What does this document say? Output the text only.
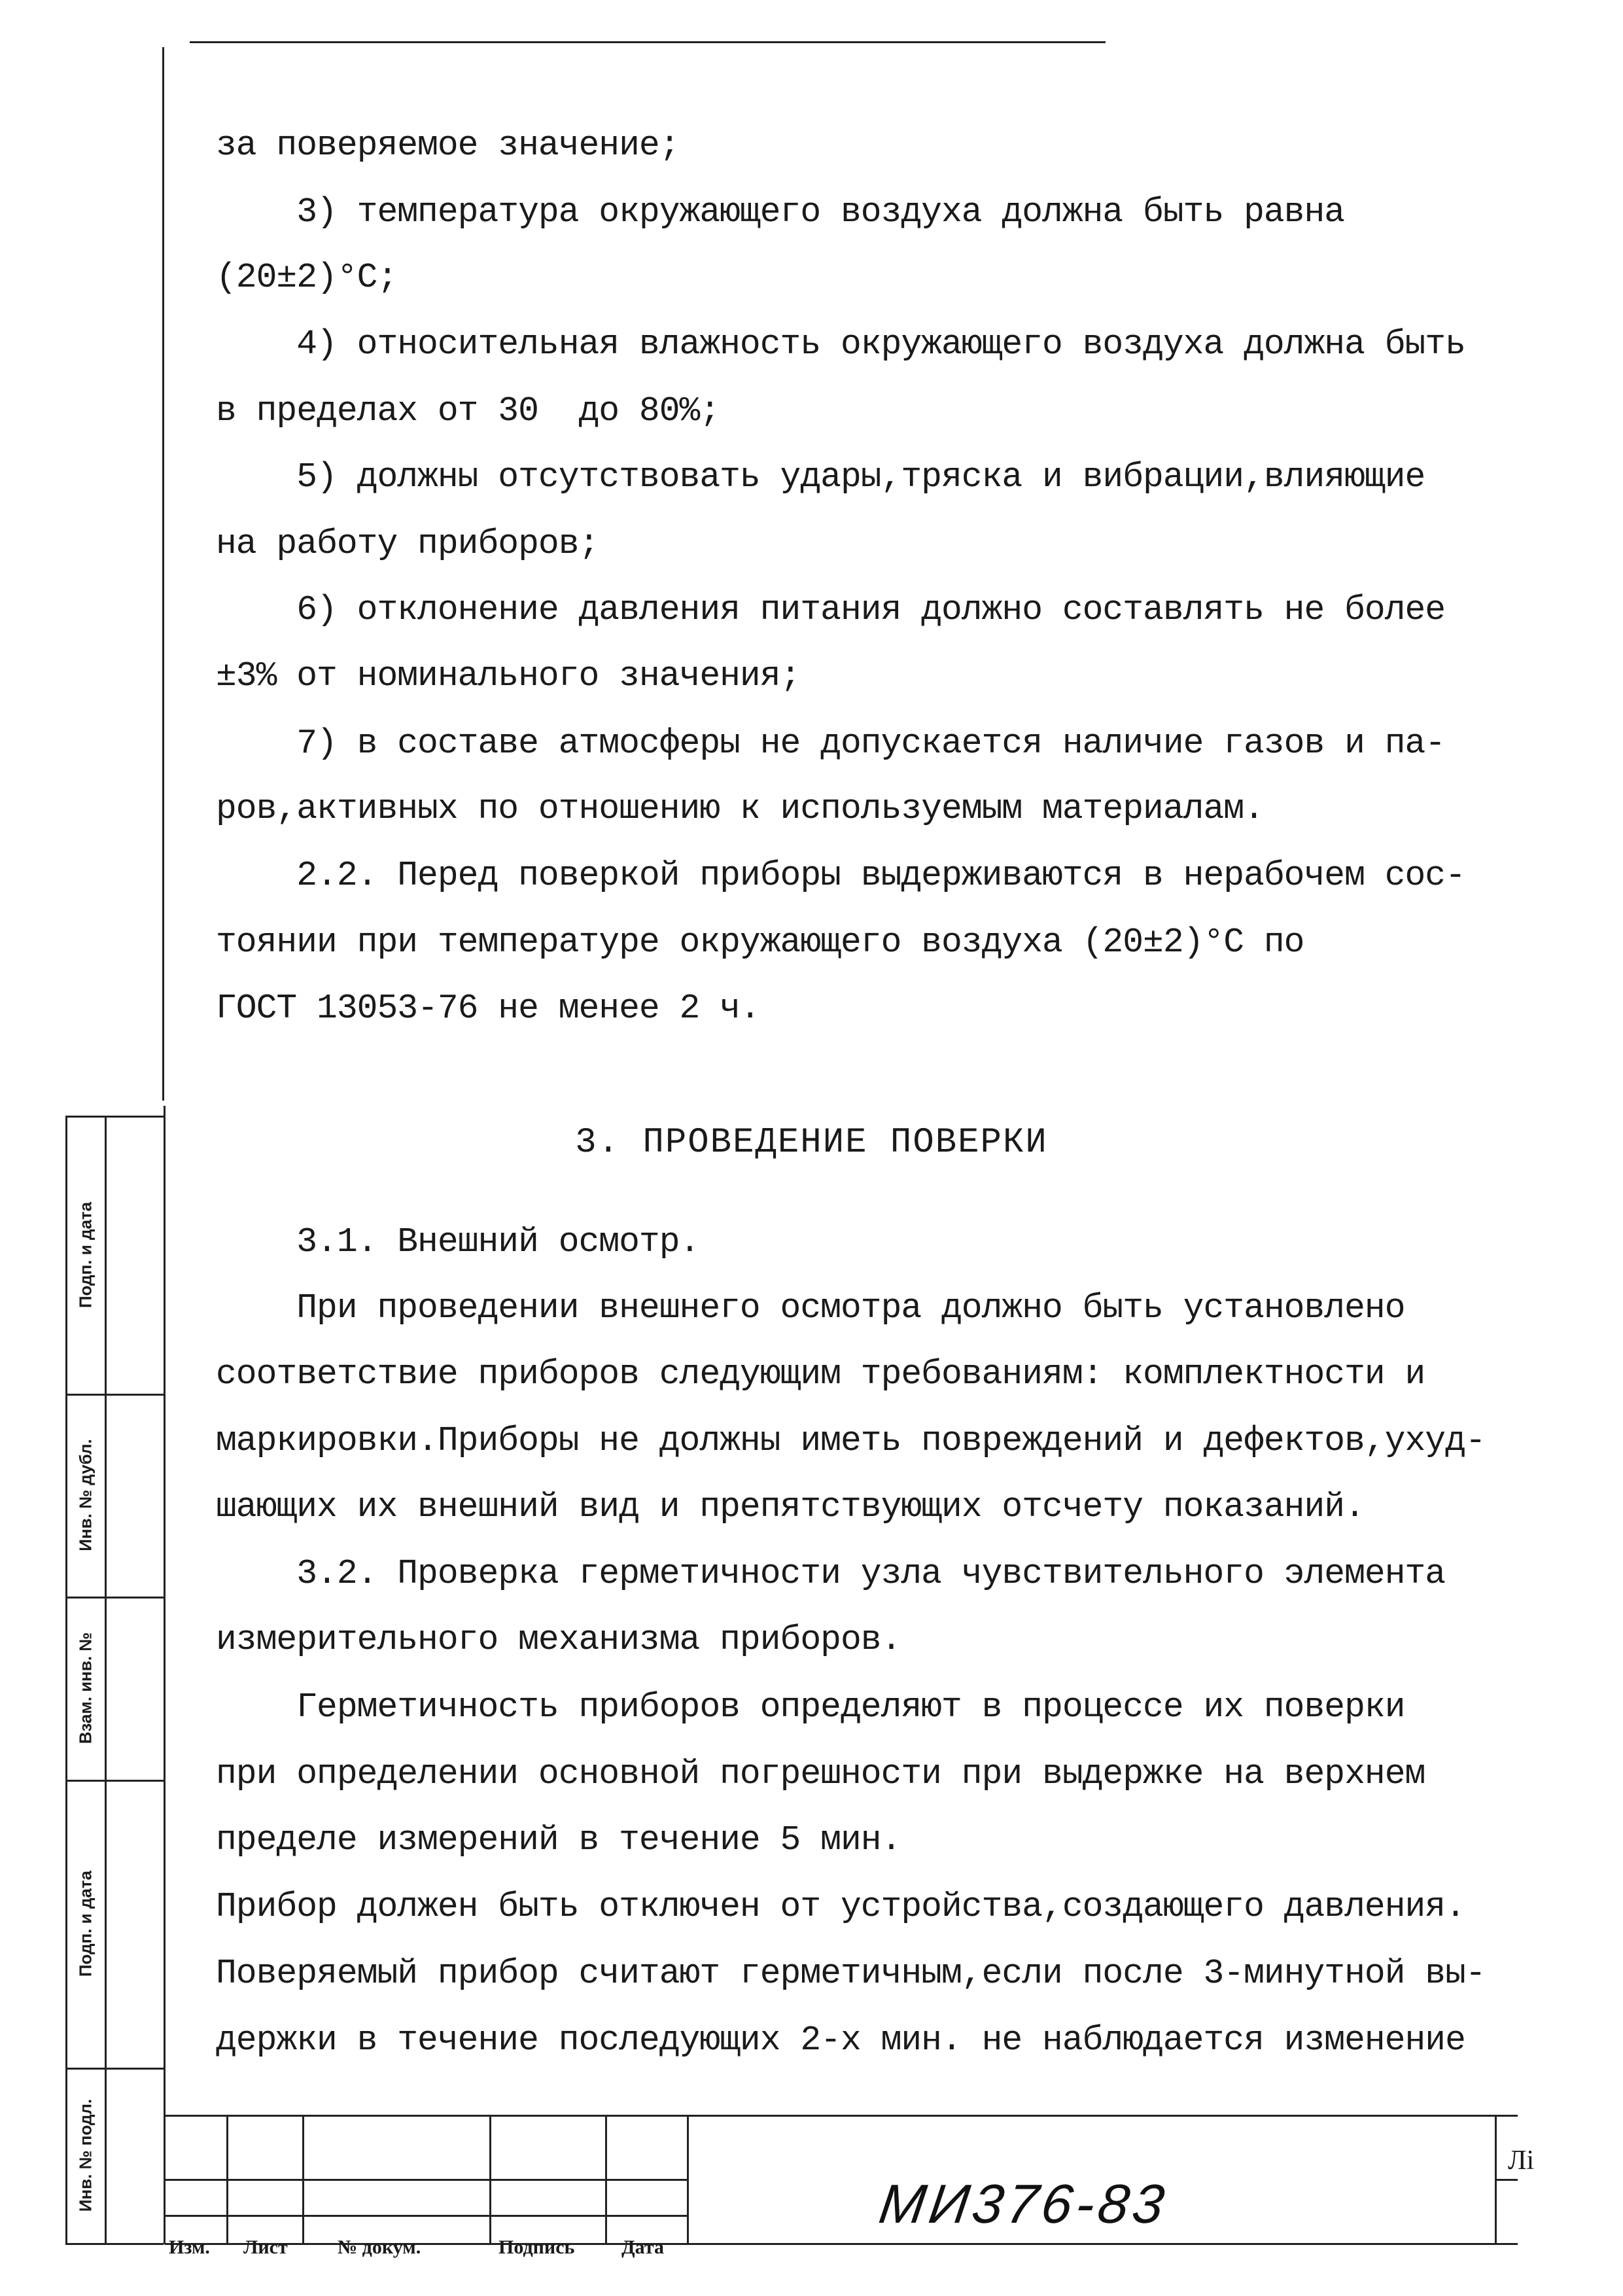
за поверяемое значение;
3) температура окружающего воздуха должна быть равна
(20±2)°С;
4) относительная влажность окружающего воздуха должна быть
в пределах от 30  до 80%;
5) должны отсутствовать удары,тряска и вибрации,влияющие
на работу приборов;
6) отклонение давления питания должно составлять не более
±3% от номинального значения;
7) в составе атмосферы не допускается наличие газов и па-
ров,активных по отношению к используемым материалам.
2.2. Перед поверкой приборы выдерживаются в нерабочем сос-
тоянии при температуре окружающего воздуха (20±2)°С по
ГОСТ 13053-76 не менее 2 ч.
3. ПРОВЕДЕНИЕ ПОВЕРКИ
3.1. Внешний осмотр.
При проведении внешнего осмотра должно быть установлено
соответствие приборов следующим требованиям: комплектности и
маркировки.Приборы не должны иметь повреждений и дефектов,ухуд-
шающих их внешний вид и препятствующих отсчету показаний.
3.2. Проверка герметичности узла чувствительного элемента
измерительного механизма приборов.
Герметичность приборов определяют в процессе их поверки
при определении основной погрешности при выдержке на верхнем
пределе измерений в течение 5 мин.
Прибор должен быть отключен от устройства,создающего давления.
Поверяемый прибор считают герметичным,если после 3-минутной вы-
держки в течение последующих 2-х мин. не наблюдается изменение
Подп. и дата
Инв. № дубл.
Взам. инв. №
Подп. и дата
Инв. № подл.
Изм. Лист	№ докум.	Подпись Дата
МИ376-83
Лі
